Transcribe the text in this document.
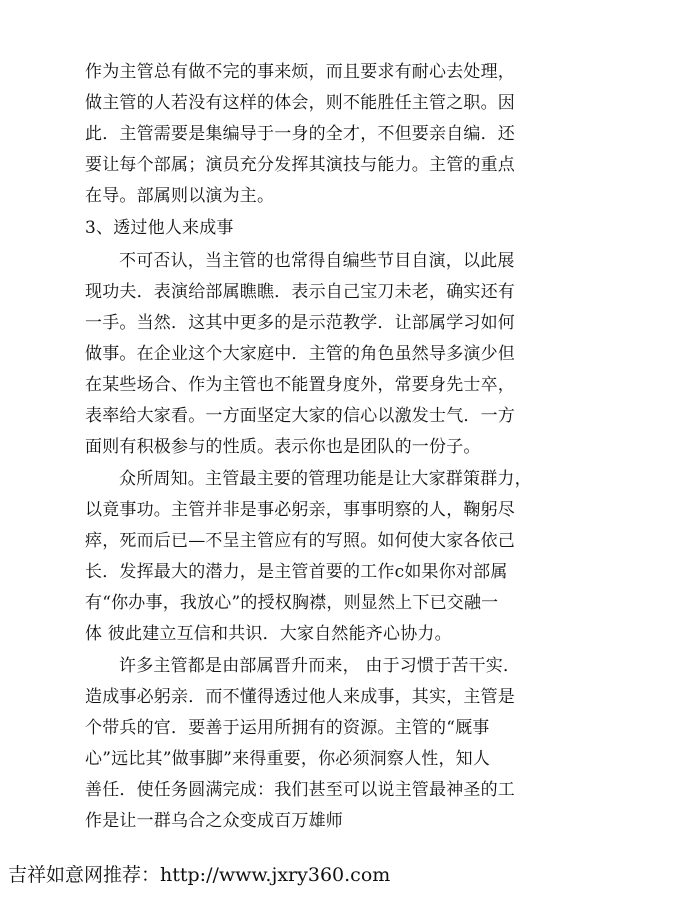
作为主管总有做不完的事来烦，而且要求有耐心去处理，
做主管的人若没有这样的体会，则不能胜任主管之职。因
此．主管需要是集编导于一身的全才，不但要亲自编．还
要让每个部属；演员充分发挥其演技与能力。主管的重点
在导。部属则以演为主。
3、透过他人来成事
不可否认，当主管的也常得自编些节目自演，以此展
现功夫．表演给部属瞧瞧．表示自己宝刀未老，确实还有
一手。当然．这其中更多的是示范教学．让部属学习如何
做事。在企业这个大家庭中．主管的角色虽然导多演少但
在某些场合、作为主管也不能置身度外，常要身先士卒，
表率给大家看。一方面坚定大家的信心以激发士气．一方
面则有积极参与的性质。表示你也是团队的一份子。
众所周知。主管最主要的管理功能是让大家群策群力，
以竟事功。主管并非是事必躬亲，事事明察的人，鞠躬尽
瘁，死而后已—不呈主管应有的写照。如何使大家各依己
长．发挥最大的潜力，是主管首要的工作c如果你对部属
有“你办事，我放心”的授权胸襟，则显然上下已交融一
体 彼此建立互信和共识．大家自然能齐心协力。
许多主管都是由部属晋升而来， 由于习惯于苦干实．
造成事必躬亲．而不懂得透过他人来成事，其实，主管是
个带兵的官．要善于运用所拥有的资源。主管的“厩事
心”远比其”做事脚”来得重要，你必须洞察人性，知人
善任．使任务圆满完成：我们甚至可以说主管最神圣的工
作是让一群乌合之众变成百万雄师
吉祥如意网推荐：http://www.jxry360.com
